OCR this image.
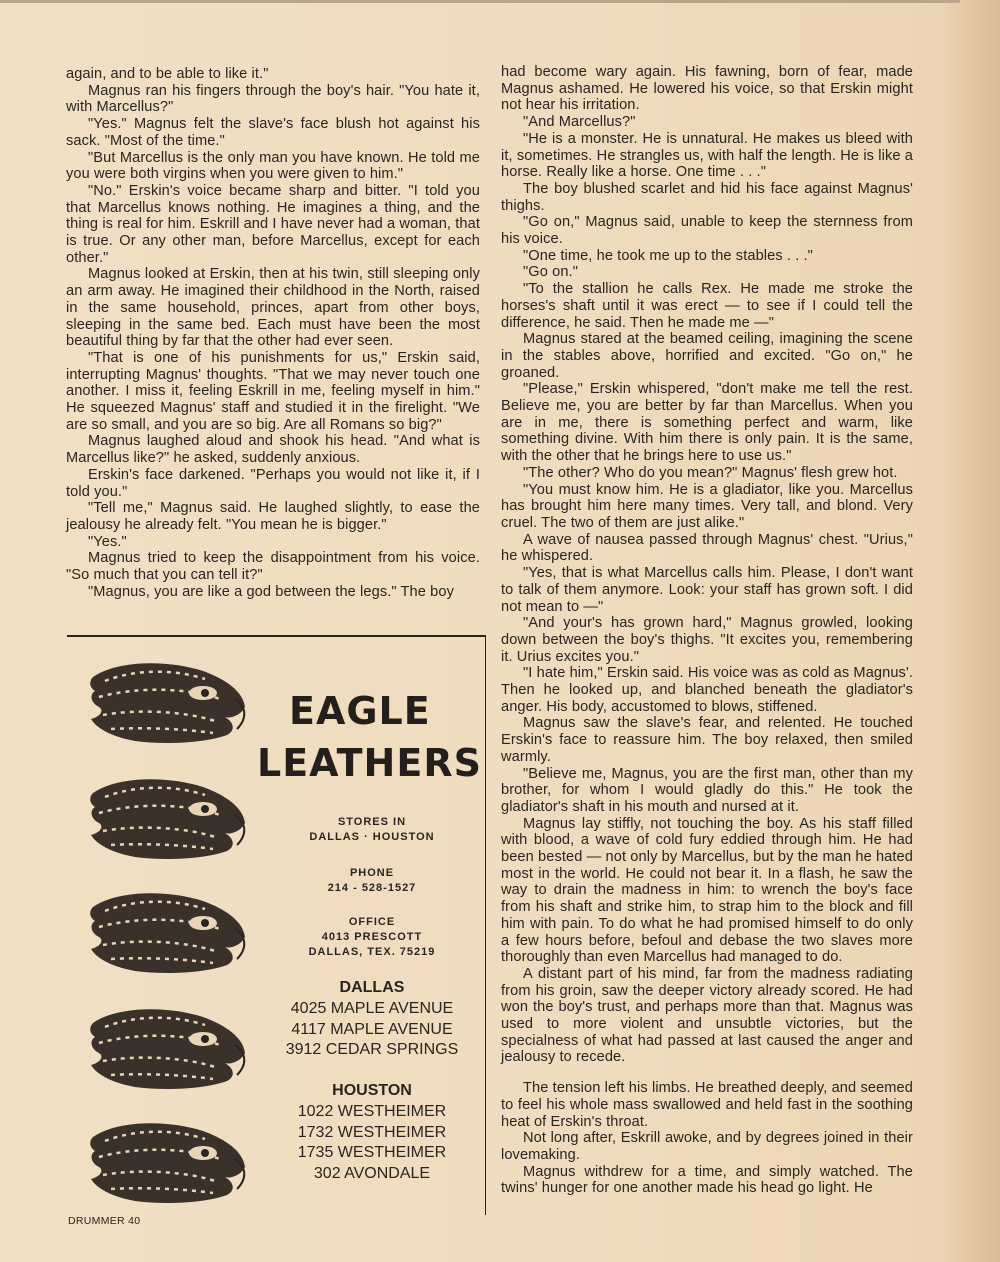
again, and to be able to like it."

Magnus ran his fingers through the boy's hair. "You hate it, with Marcellus?"

"Yes." Magnus felt the slave's face blush hot against his sack. "Most of the time."

"But Marcellus is the only man you have known. He told me you were both virgins when you were given to him."

"No." Erskin's voice became sharp and bitter. "I told you that Marcellus knows nothing. He imagines a thing, and the thing is real for him. Eskrill and I have never had a woman, that is true. Or any other man, before Marcellus, except for each other."

Magnus looked at Erskin, then at his twin, still sleeping only an arm away. He imagined their childhood in the North, raised in the same household, princes, apart from other boys, sleeping in the same bed. Each must have been the most beautiful thing by far that the other had ever seen.

"That is one of his punishments for us," Erskin said, interrupting Magnus' thoughts. "That we may never touch one another. I miss it, feeling Eskrill in me, feeling myself in him." He squeezed Magnus' staff and studied it in the firelight. "We are so small, and you are so big. Are all Romans so big?"

Magnus laughed aloud and shook his head. "And what is Marcellus like?" he asked, suddenly anxious.

Erskin's face darkened. "Perhaps you would not like it, if I told you."

"Tell me," Magnus said. He laughed slightly, to ease the jealousy he already felt. "You mean he is bigger."

"Yes."

Magnus tried to keep the disappointment from his voice. "So much that you can tell it?"

"Magnus, you are like a god between the legs." The boy

EAGLE
LEATHERS
STORES IN
DALLAS · HOUSTON
PHONE
214 - 528-1527
OFFICE
4013 PRESCOTT
DALLAS, TEX. 75219
DALLAS
4025 MAPLE AVENUE
4117 MAPLE AVENUE
3912 CEDAR SPRINGS
HOUSTON
1022 WESTHEIMER
1732 WESTHEIMER
1735 WESTHEIMER
302 AVONDALE

had become wary again. His fawning, born of fear, made Magnus ashamed. He lowered his voice, so that Erskin might not hear his irritation.

"And Marcellus?"

"He is a monster. He is unnatural. He makes us bleed with it, sometimes. He strangles us, with half the length. He is like a horse. Really like a horse. One time . . ."

The boy blushed scarlet and hid his face against Magnus' thighs.

"Go on," Magnus said, unable to keep the sternness from his voice.

"One time, he took me up to the stables . . ."

"Go on."

"To the stallion he calls Rex. He made me stroke the horses's shaft until it was erect — to see if I could tell the difference, he said. Then he made me —"

Magnus stared at the beamed ceiling, imagining the scene in the stables above, horrified and excited. "Go on," he groaned.

"Please," Erskin whispered, "don't make me tell the rest. Believe me, you are better by far than Marcellus. When you are in me, there is something perfect and warm, like something divine. With him there is only pain. It is the same, with the other that he brings here to use us."

"The other? Who do you mean?" Magnus' flesh grew hot.

"You must know him. He is a gladiator, like you. Marcellus has brought him here many times. Very tall, and blond. Very cruel. The two of them are just alike."

A wave of nausea passed through Magnus' chest. "Urius," he whispered.

"Yes, that is what Marcellus calls him. Please, I don't want to talk of them anymore. Look: your staff has grown soft. I did not mean to —"

"And your's has grown hard," Magnus growled, looking down between the boy's thighs. "It excites you, remembering it. Urius excites you."

"I hate him," Erskin said. His voice was as cold as Magnus'. Then he looked up, and blanched beneath the gladiator's anger. His body, accustomed to blows, stiffened.

Magnus saw the slave's fear, and relented. He touched Erskin's face to reassure him. The boy relaxed, then smiled warmly.

"Believe me, Magnus, you are the first man, other than my brother, for whom I would gladly do this." He took the gladiator's shaft in his mouth and nursed at it.

Magnus lay stiffly, not touching the boy. As his staff filled with blood, a wave of cold fury eddied through him. He had been bested — not only by Marcellus, but by the man he hated most in the world. He could not bear it. In a flash, he saw the way to drain the madness in him: to wrench the boy's face from his shaft and strike him, to strap him to the block and fill him with pain. To do what he had promised himself to do only a few hours before, befoul and debase the two slaves more thoroughly than even Marcellus had managed to do.

A distant part of his mind, far from the madness radiating from his groin, saw the deeper victory already scored. He had won the boy's trust, and perhaps more than that. Magnus was used to more violent and unsubtle victories, but the specialness of what had passed at last caused the anger and jealousy to recede.

The tension left his limbs. He breathed deeply, and seemed to feel his whole mass swallowed and held fast in the soothing heat of Erskin's throat.

Not long after, Eskrill awoke, and by degrees joined in their lovemaking.

Magnus withdrew for a time, and simply watched. The twins' hunger for one another made his head go light. He

DRUMMER 40
